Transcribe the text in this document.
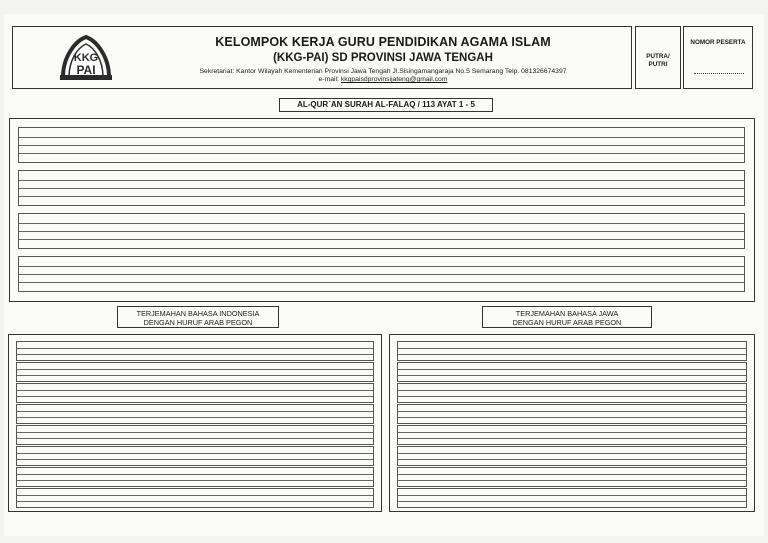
KKG
PAI
KELOMPOK KERJA GURU PENDIDIKAN AGAMA ISLAM
(KKG-PAI) SD PROVINSI JAWA TENGAH
Sekretariat: Kantor Wilayah Kementerian Provinsi Jawa Tengah Jl.Sisingamangaraja No.5 Semarang Telp. 081326674397
e-mail: kkgpaisdprovinsijateng@gmail.com
PUTRA/
PUTRI
NOMOR PESERTA
AL-QUR`AN SURAH AL-FALAQ / 113 AYAT 1 - 5
TERJEMAHAN BAHASA INDONESIA
DENGAN HURUF ARAB PEGON
TERJEMAHAN BAHASA JAWA
DENGAN HURUF ARAB PEGON
